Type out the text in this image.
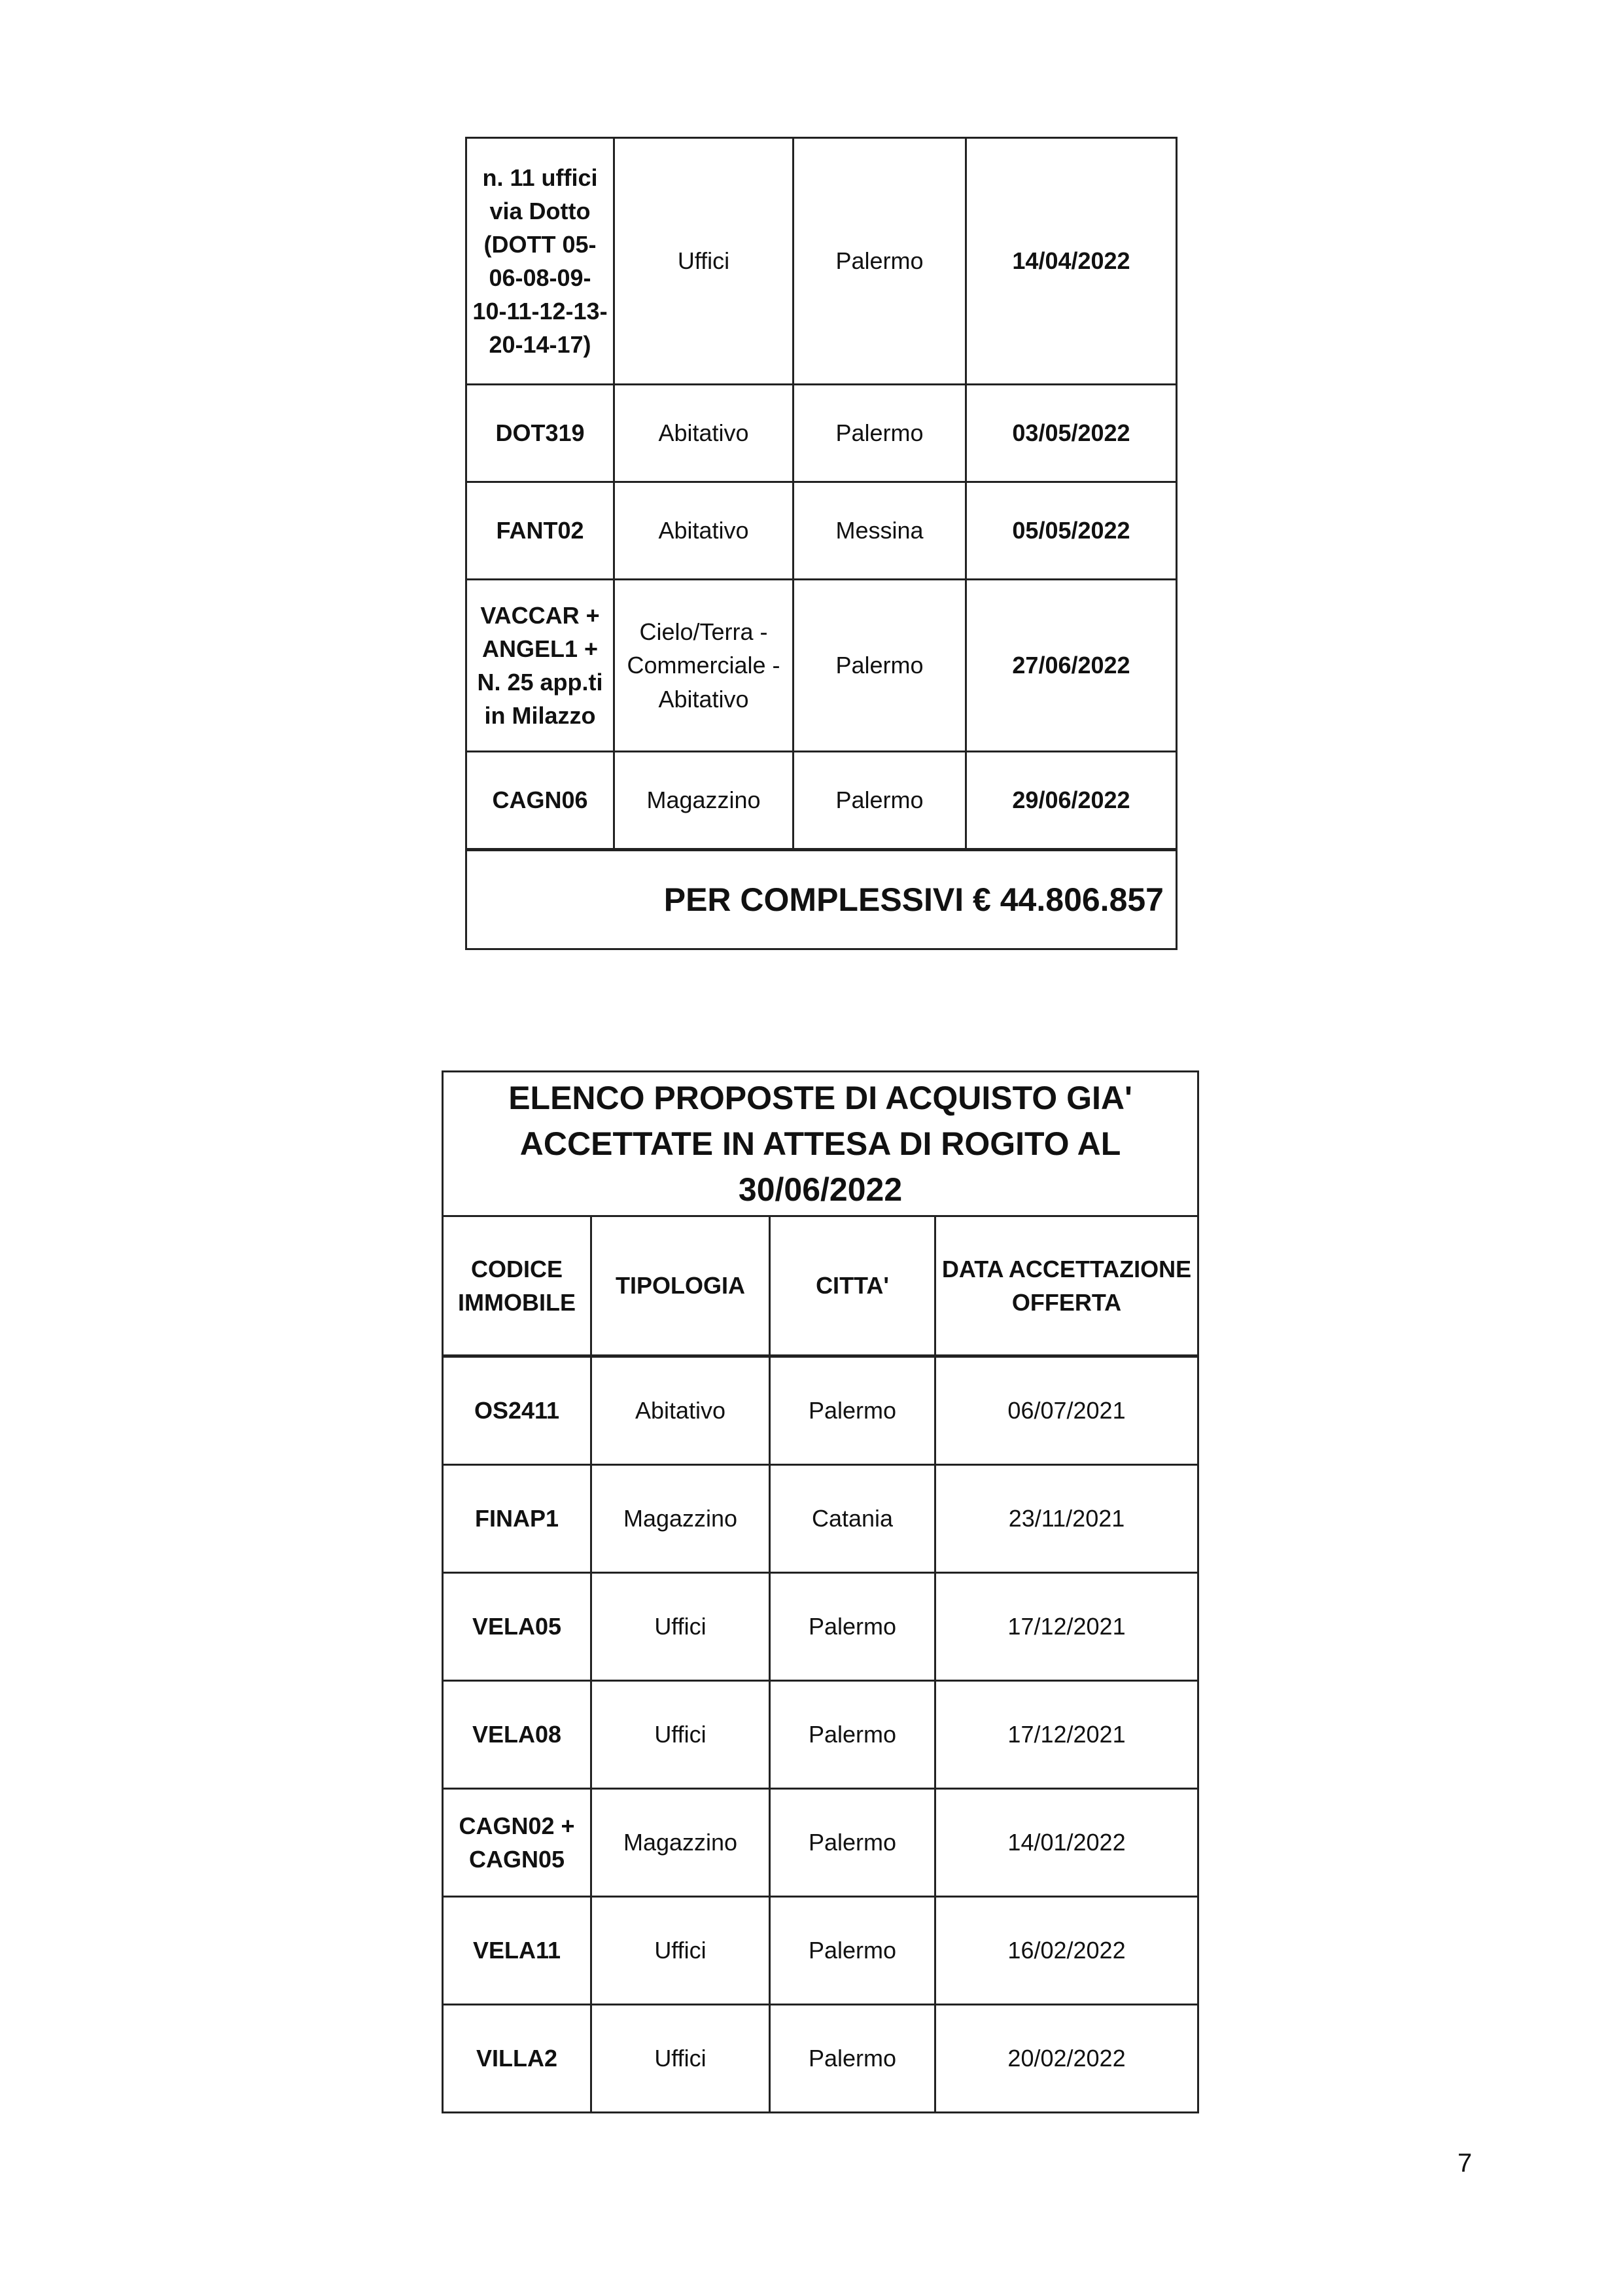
n. 11 uffici via Dotto (DOTT 05-06-08-09-10-11-12-13-20-14-17)	Uffici	Palermo	14/04/2022
DOT319	Abitativo	Palermo	03/05/2022
FANT02	Abitativo	Messina	05/05/2022
VACCAR + ANGEL1 + N. 25 app.ti in Milazzo	Cielo/Terra - Commerciale - Abitativo	Palermo	27/06/2022
CAGN06	Magazzino	Palermo	29/06/2022
PER COMPLESSIVI € 44.806.857			
ELENCO PROPOSTE DI ACQUISTO GIA' ACCETTATE IN ATTESA DI ROGITO AL 30/06/2022			
CODICE IMMOBILE	TIPOLOGIA	CITTA'	DATA ACCETTAZIONE OFFERTA
OS2411	Abitativo	Palermo	06/07/2021
FINAP1	Magazzino	Catania	23/11/2021
VELA05	Uffici	Palermo	17/12/2021
VELA08	Uffici	Palermo	17/12/2021
CAGN02 + CAGN05	Magazzino	Palermo	14/01/2022
VELA11	Uffici	Palermo	16/02/2022
VILLA2	Uffici	Palermo	20/02/2022
7
